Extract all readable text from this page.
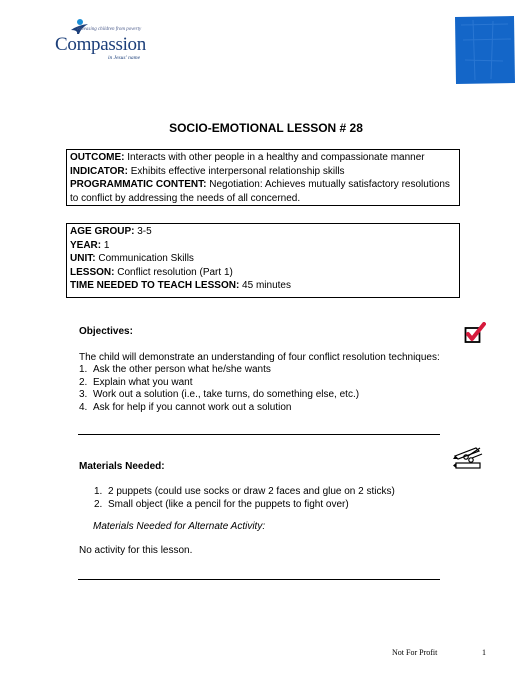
Releasing children from poverty
Compassion
in Jesus' name
SOCIO-EMOTIONAL LESSON # 28
OUTCOME: Interacts with other people in a healthy and compassionate manner
INDICATOR: Exhibits effective interpersonal relationship skills
PROGRAMMATIC CONTENT: Negotiation: Achieves mutually satisfactory resolutions to conflict by addressing the needs of all concerned.
AGE GROUP: 3-5
YEAR: 1
UNIT: Communication Skills
LESSON: Conflict resolution (Part 1)
TIME NEEDED TO TEACH LESSON: 45 minutes
Objectives:
The child will demonstrate an understanding of four conflict resolution techniques:
1. Ask the other person what he/she wants
2. Explain what you want
3. Work out a solution (i.e., take turns, do something else, etc.)
4. Ask for help if you cannot work out a solution
Materials Needed:
1. 2 puppets (could use socks or draw 2 faces and glue on 2 sticks)
2. Small object (like a pencil for the puppets to fight over)
Materials Needed for Alternate Activity:
No activity for this lesson.
Not For Profit	1
